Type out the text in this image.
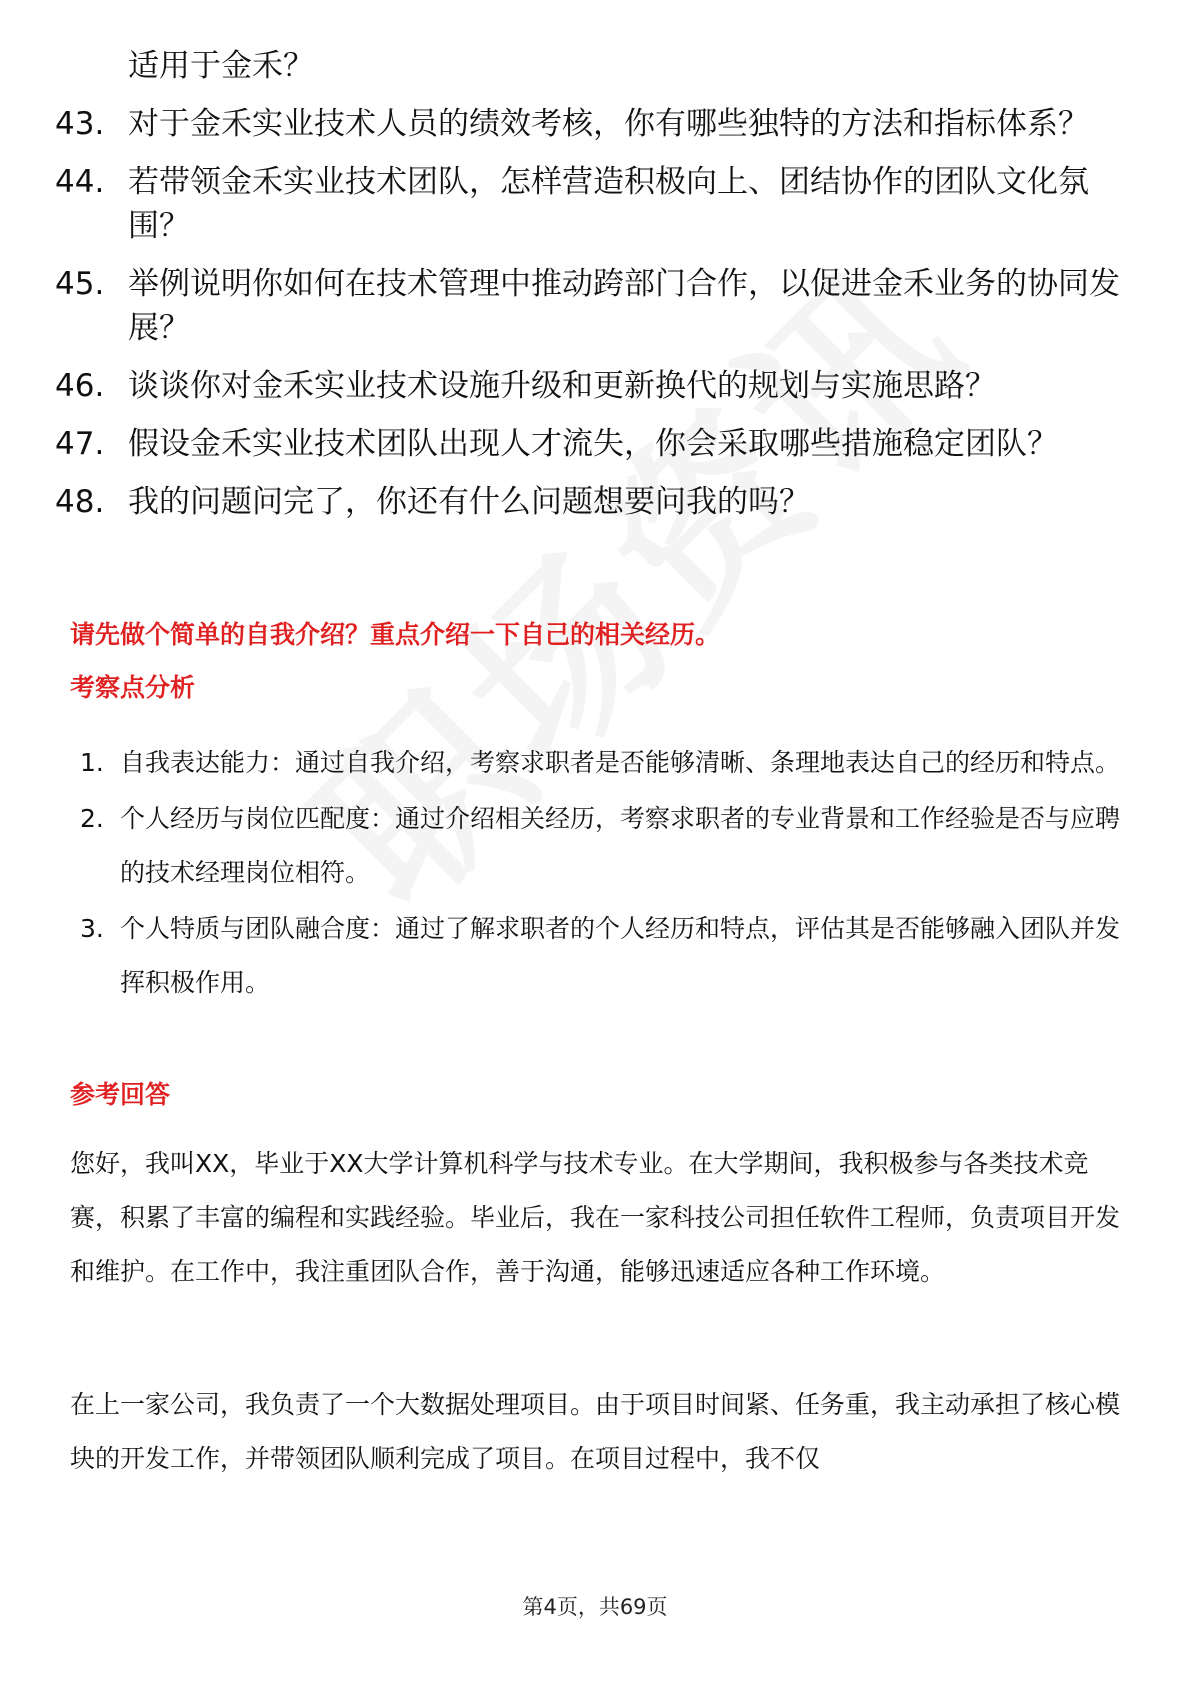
适用于金禾？
43. 对于金禾实业技术人员的绩效考核，你有哪些独特的方法和指标体系？
44. 若带领金禾实业技术团队，怎样营造积极向上、团结协作的团队文化氛围？
45. 举例说明你如何在技术管理中推动跨部门合作，以促进金禾业务的协同发展？
46. 谈谈你对金禾实业技术设施升级和更新换代的规划与实施思路？
47. 假设金禾实业技术团队出现人才流失，你会采取哪些措施稳定团队？
48. 我的问题问完了，你还有什么问题想要问我的吗？
请先做个简单的自我介绍？重点介绍一下自己的相关经历。
考察点分析
1. 自我表达能力：通过自我介绍，考察求职者是否能够清晰、条理地表达自己的经历和特点。
2. 个人经历与岗位匹配度：通过介绍相关经历，考察求职者的专业背景和工作经验是否与应聘的技术经理岗位相符。
3. 个人特质与团队融合度：通过了解求职者的个人经历和特点，评估其是否能够融入团队并发挥积极作用。
参考回答
您好，我叫XX，毕业于XX大学计算机科学与技术专业。在大学期间，我积极参与各类技术竞赛，积累了丰富的编程和实践经验。毕业后，我在一家科技公司担任软件工程师，负责项目开发和维护。在工作中，我注重团队合作，善于沟通，能够迅速适应各种工作环境。
在上一家公司，我负责了一个大数据处理项目。由于项目时间紧、任务重，我主动承担了核心模块的开发工作，并带领团队顺利完成了项目。在项目过程中，我不仅
第4页，共69页
